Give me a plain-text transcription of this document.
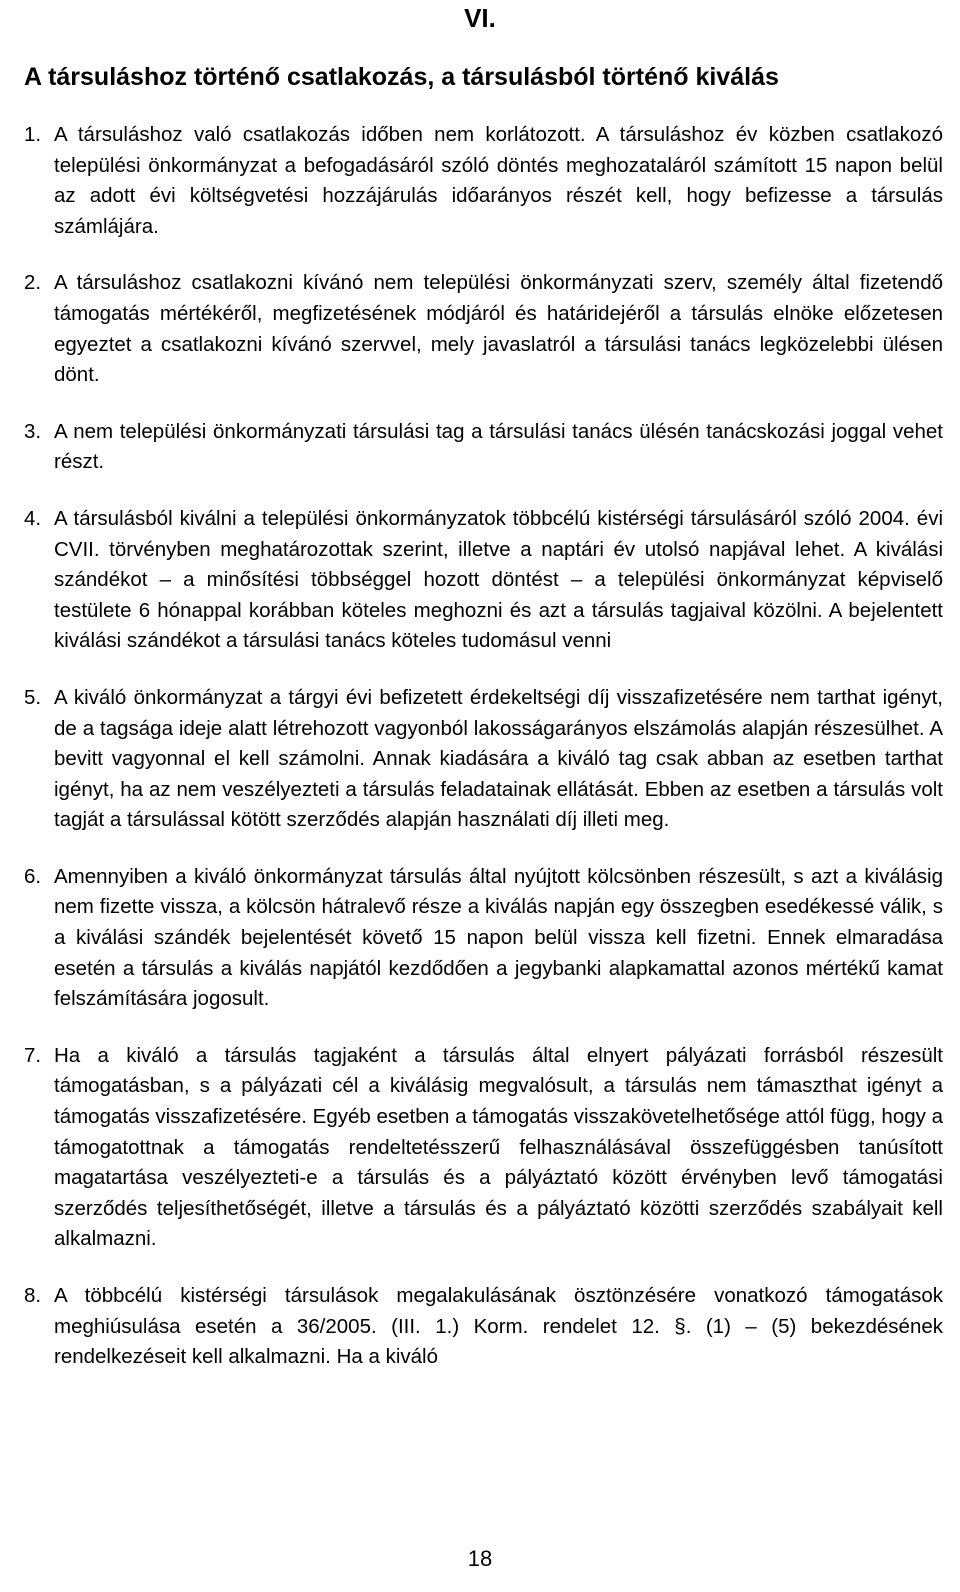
VI.
A társuláshoz történő csatlakozás, a társulásból történő kiválás
1. A társuláshoz való csatlakozás időben nem korlátozott. A társuláshoz év közben csatlakozó települési önkormányzat a befogadásáról szóló döntés meghozataláról számított 15 napon belül az adott évi költségvetési hozzájárulás időarányos részét kell, hogy befizesse a társulás számlájára.
2. A társuláshoz csatlakozni kívánó nem települési önkormányzati szerv, személy által fizetendő támogatás mértékéről, megfizetésének módjáról és határidejéről a társulás elnöke előzetesen egyeztet a csatlakozni kívánó szervvel, mely javaslatról a társulási tanács legközelebbi ülésen dönt.
3. A nem települési önkormányzati társulási tag a társulási tanács ülésén tanácskozási joggal vehet részt.
4. A társulásból kiválni a települési önkormányzatok többcélú kistérségi társulásáról szóló 2004. évi CVII. törvényben meghatározottak szerint, illetve a naptári év utolsó napjával lehet. A kiválási szándékot – a minősítési többséggel hozott döntést – a települési önkormányzat képviselő testülete 6 hónappal korábban köteles meghozni és azt a társulás tagjaival közölni. A bejelentett kiválási szándékot a társulási tanács köteles tudomásul venni
5. A kiváló önkormányzat a tárgyi évi befizetett érdekeltségi díj visszafizetésére nem tarthat igényt, de a tagsága ideje alatt létrehozott vagyonból lakosságarányos elszámolás alapján részesülhet. A bevitt vagyonnal el kell számolni. Annak kiadására a kiváló tag csak abban az esetben tarthat igényt, ha az nem veszélyezteti a társulás feladatainak ellátását. Ebben az esetben a társulás volt tagját a társulással kötött szerződés alapján használati díj illeti meg.
6. Amennyiben a kiváló önkormányzat társulás által nyújtott kölcsönben részesült, s azt a kiválásig nem fizette vissza, a kölcsön hátralevő része a kiválás napján egy összegben esedékessé válik, s a kiválási szándék bejelentését követő 15 napon belül vissza kell fizetni. Ennek elmaradása esetén a társulás a kiválás napjától kezdődően a jegybanki alapkamattal azonos mértékű kamat felszámítására jogosult.
7. Ha a kiváló a társulás tagjaként a társulás által elnyert pályázati forrásból részesült támogatásban, s a pályázati cél a kiválásig megvalósult, a társulás nem támaszthat igényt a támogatás visszafizetésére. Egyéb esetben a támogatás visszakövetelhetősége attól függ, hogy a támogatottnak a támogatás rendeltetésszerű felhasználásával összefüggésben tanúsított magatartása veszélyezteti-e a társulás és a pályáztató között érvényben levő támogatási szerződés teljesíthetőségét, illetve a társulás és a pályáztató közötti szerződés szabályait kell alkalmazni.
8. A többcélú kistérségi társulások megalakulásának ösztönzésére vonatkozó támogatások meghiúsulása esetén a 36/2005. (III. 1.) Korm. rendelet 12. §. (1) – (5) bekezdésének rendelkezéseit kell alkalmazni. Ha a kiváló
18
